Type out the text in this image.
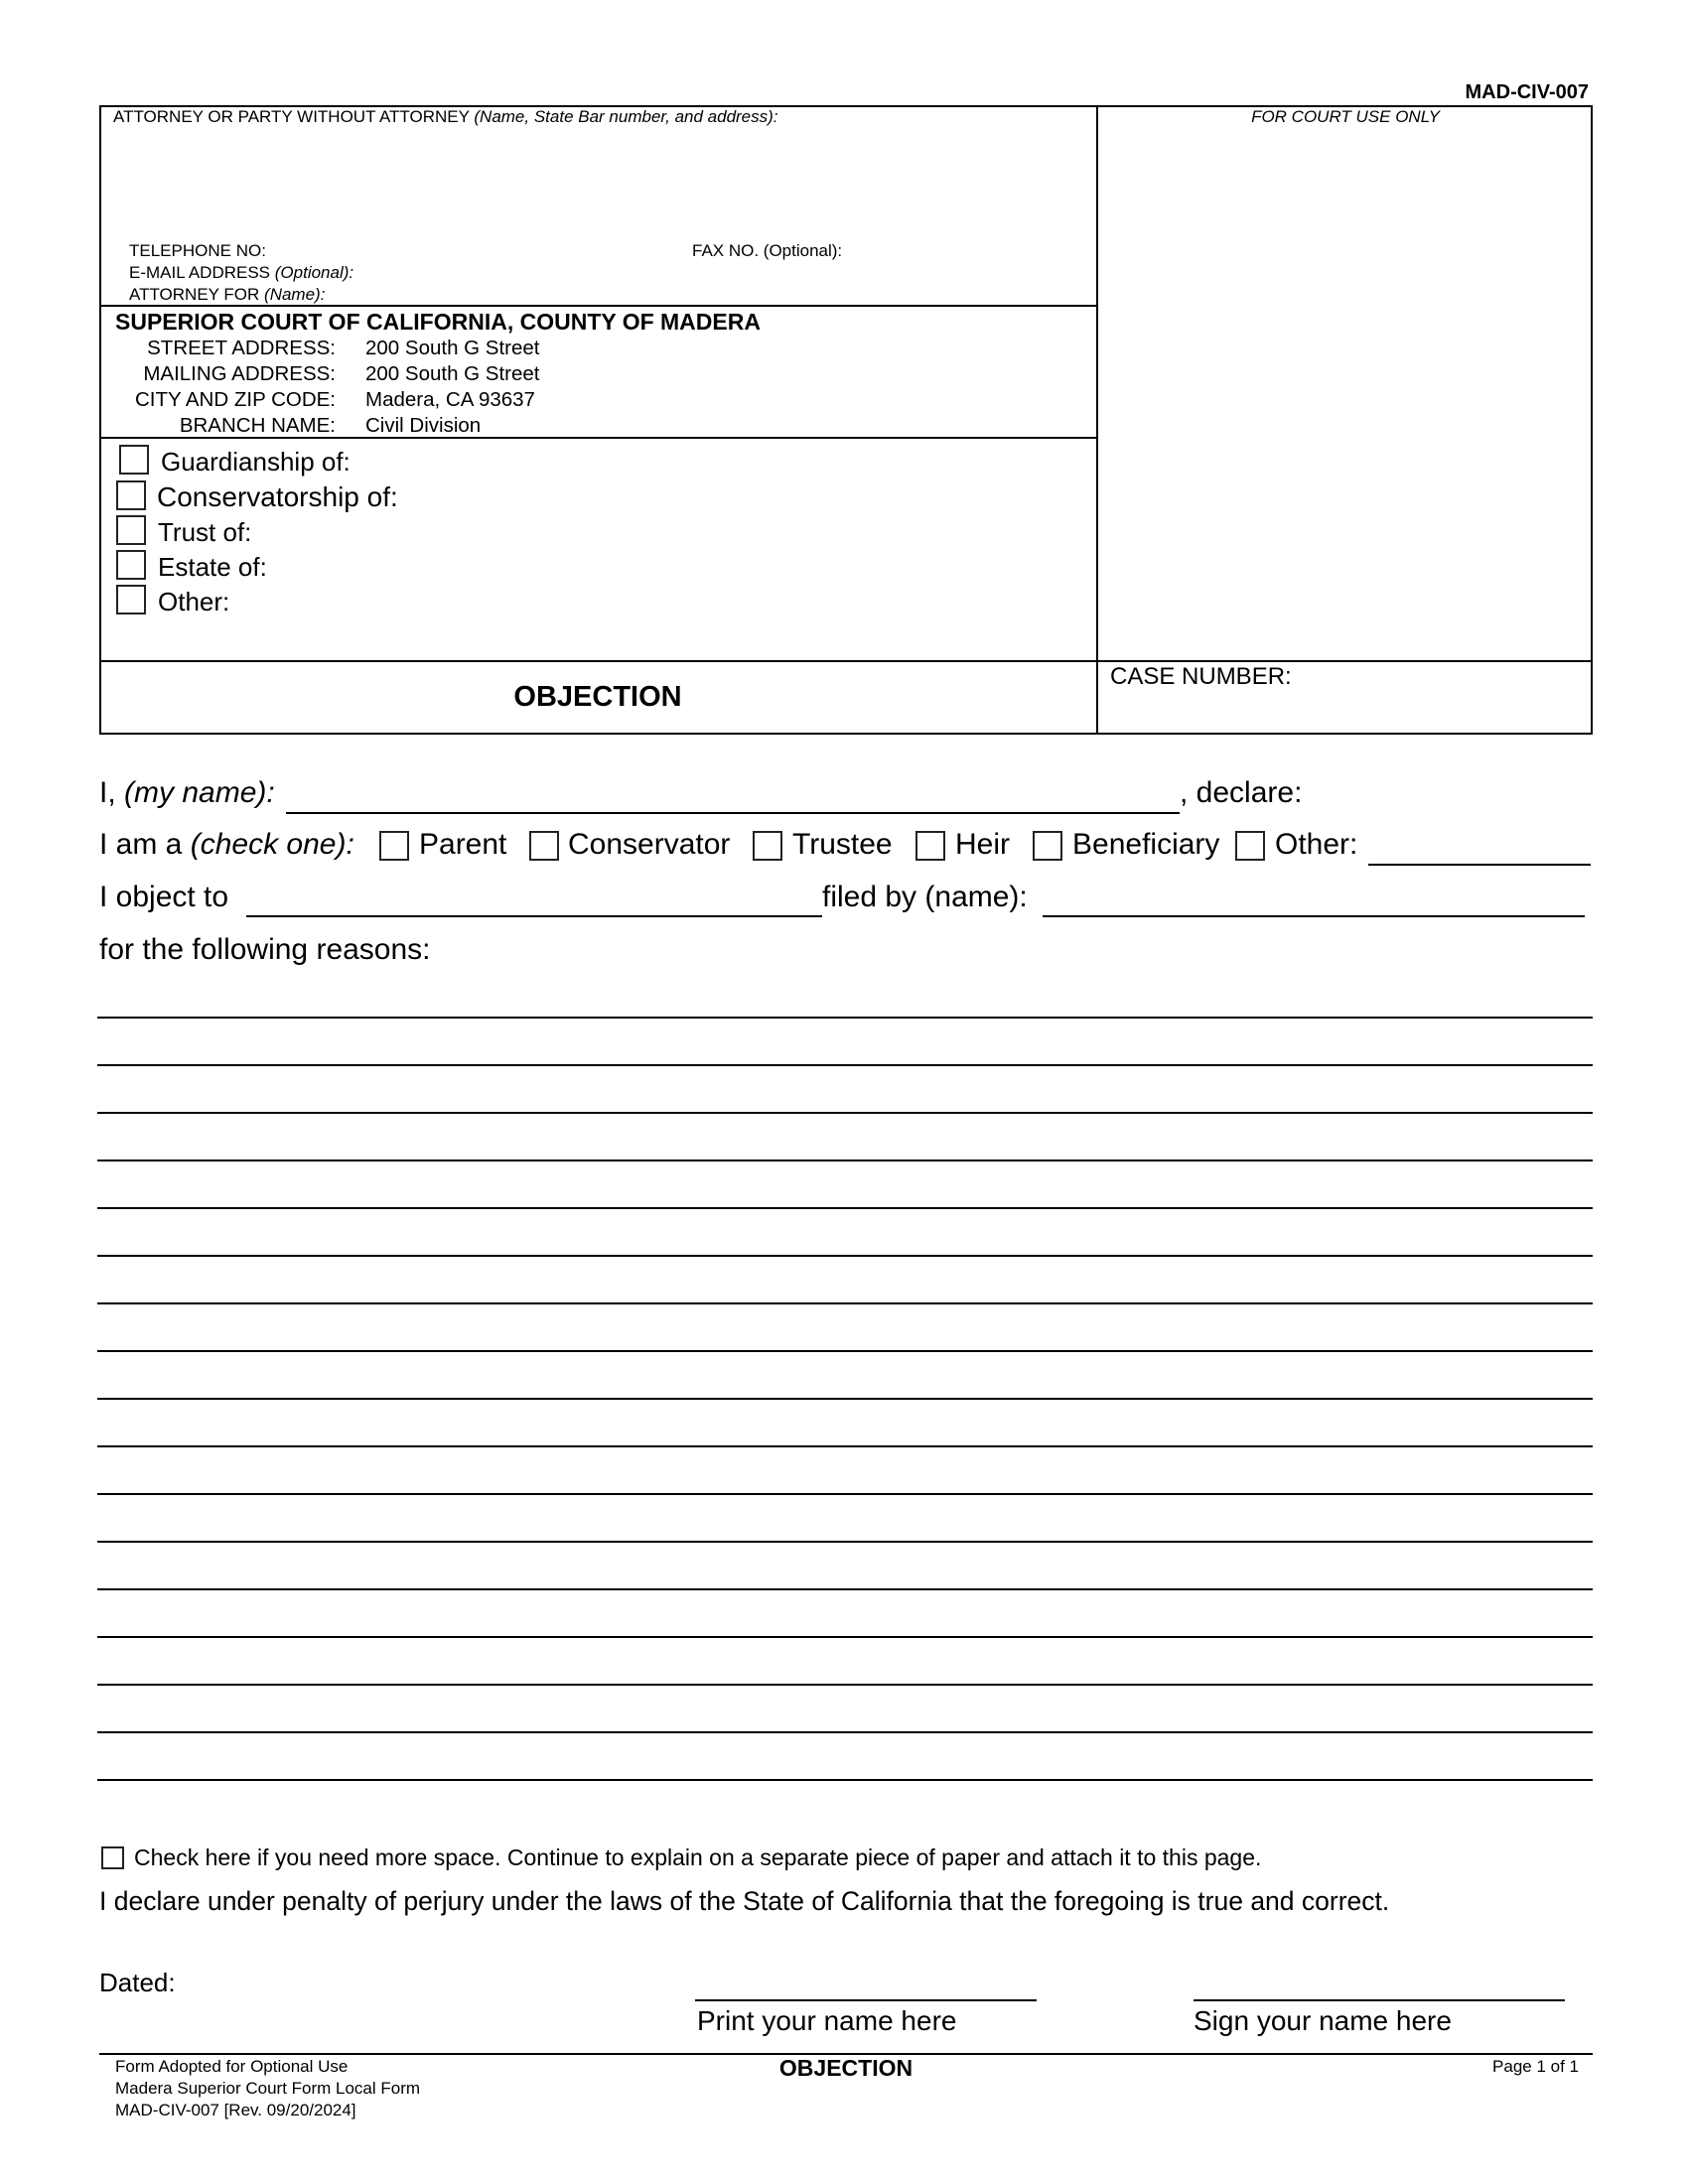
MAD-CIV-007
ATTORNEY OR PARTY WITHOUT ATTORNEY (Name, State Bar number, and address):
TELEPHONE NO:	FAX NO. (Optional):
E-MAIL ADDRESS (Optional):
ATTORNEY FOR (Name):
FOR COURT USE ONLY
SUPERIOR COURT OF CALIFORNIA, COUNTY OF MADERA
STREET ADDRESS: 200 South G Street
MAILING ADDRESS: 200 South G Street
CITY AND ZIP CODE: Madera, CA 93637
BRANCH NAME: Civil Division
Guardianship of:
Conservatorship of:
Trust of:
Estate of:
Other:
OBJECTION
CASE NUMBER:
I, (my name):	, declare:
I am a (check one): Parent Conservator Trustee Heir Beneficiary Other:
I object to	filed by (name):
for the following reasons:
Check here if you need more space. Continue to explain on a separate piece of paper and attach it to this page.
I declare under penalty of perjury under the laws of the State of California that the foregoing is true and correct.
Dated:
Print your name here	Sign your name here
Form Adopted for Optional Use
Madera Superior Court Form Local Form
MAD-CIV-007 [Rev. 09/20/2024]
OBJECTION	Page 1 of 1
